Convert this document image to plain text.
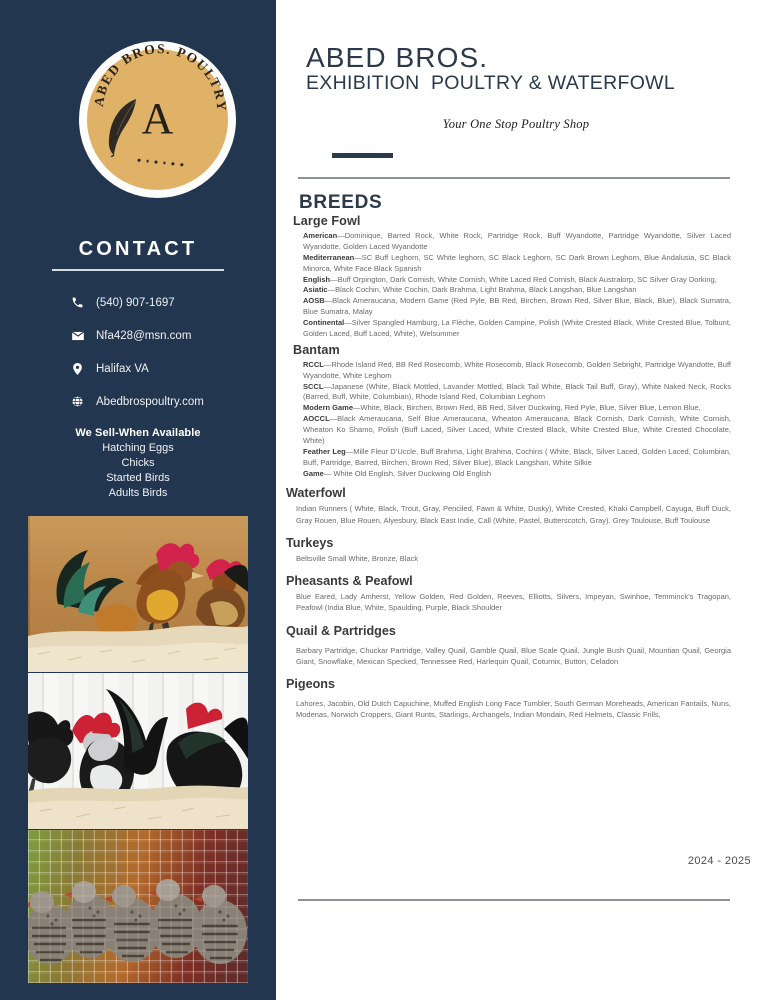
ABED BROS. POULTRY
A
CONTACT
(540) 907-1697
Nfa428@msn.com
Halifax VA
Abedbrospoultry.com
We Sell-When Available
Hatching Eggs
Chicks
Started Birds
Adults Birds
ABED BROS.
EXHIBITION  POULTRY & WATERFOWL
Your One Stop Poultry Shop
BREEDS
Large Fowl

American—Dominique, Barred Rock, White Rock, Partridge Rock, Buff Wyandotte, Partridge Wyandotte, Silver Laced Wyandotte, Golden Laced Wyandotte

Mediterranean—SC Buff Leghorn, SC White leghorn, SC Black Leghorn, SC Dark Brown Leghorn, Blue Andalusia, SC Black Minorca, White Face Black Spanish

English—Buff Orpington, Dark Cornish, White Cornish, White Laced Red Cornish, Black Australorp, SC Silver Gray Dorking,

Asiatic—Black Cochin, White Cochin, Dark Brahma, Light Brahma, Black Langshan, Blue Langshan

AOSB—Black Ameraucana, Modern Game (Red Pyle, BB Red, Birchen, Brown Red, Silver Blue, Black, Blue), Black Sumatra, Blue Sumatra, Malay

Continental—Silver Spangled Hamburg, La Flèche, Golden Campine, Polish (White Crested Black, White Crested Blue, Tolbunt, Golden Laced, Buff Laced, White), Welsummer

Bantam

RCCL—Rhode Island Red, BB Red Rosecomb, White Rosecomb, Black Rosecomb, Golden Sebright, Partridge Wyandotte, Buff Wyandotte, White Leghorn

SCCL—Japanese (White, Black Mottled, Lavander Mottled, Black Tail White, Black Tail Buff, Gray), White Naked Neck, Rocks (Barred, Buff, White, Columbian), Rhode Island Red, Columbian Leghorn

Modern Game—White, Black, Birchen, Brown Red, BB Red, Silver Duckwing, Red Pyle, Blue, Silver Blue, Lemon Blue,

AOCCL—Black Ameraucana, Self Blue Ameraucana, Wheaton Ameraucana, Black Cornish, Dark Cornish, White Cornish, Wheaton Ko Shamo, Polish (Buff Laced, Silver Laced, White Crested Black, White Crested Blue, White Crested Chocolate, White)

Feather Leg—Mille Fleur D’Uccle, Buff Brahma, Light Brahma, Cochins ( White, Black, Silver Laced, Golden Laced, Columbian, Buff, Partridge, Barred, Birchen, Brown Red, Silver Blue), Black Langshan, White Silkie

Game— White Old English, Silver Duckwing Old English

Waterfowl

Indian Runners ( White, Black, Trout, Gray, Penciled, Fawn & White, Dusky), White Crested, Khaki Campbell, Cayuga, Buff Duck, Gray Rouen, Blue Rouen, Alyesbury, Black East Indie, Call (White, Pastel, Butterscotch, Gray). Grey Toulouse, Buff Toulouse

Turkeys

Beltsville Small White, Bronze, Black

Pheasants & Peafowl

Blue Eared, Lady Amherst, Yellow Golden, Red Golden, Reeves, Elliotts, Silvers, Impeyan, Swinhoe, Temminck’s Tragopan, Peafowl (India Blue, White, Spaulding, Purple, Black Shoulder

Quail & Partridges

Barbary Partridge, Chuckar Partridge, Valley Quail, Gamble Quail, Blue Scale Quail, Jungle Bush Quail, Mountian Quail, Georgia Giant, Snowflake, Mexican Specked, Tennessee Red, Harlequin Quail, Coturnix, Button, Celadon

Pigeons

Lahores, Jacobin, Old Dutch Capuchine, Muffed English Long Face Tumbler, South German Moreheads, American Fantails, Nuns, Modenas, Norwich Croppers, Giant Runts, Starlings, Archangels, Indian Mondain, Red Helmets, Classic Frills,

2024 - 2025
